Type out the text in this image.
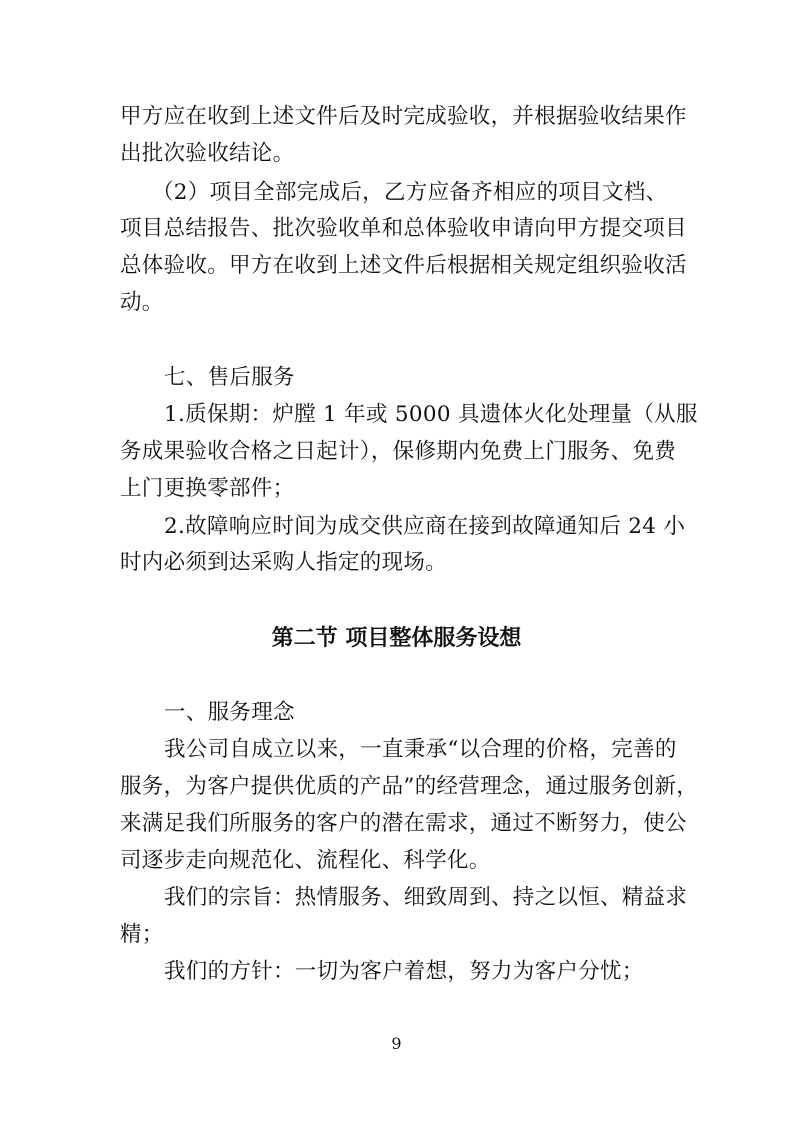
甲方应在收到上述文件后及时完成验收，并根据验收结果作
出批次验收结论。
（2）项目全部完成后，乙方应备齐相应的项目文档、
项目总结报告、批次验收单和总体验收申请向甲方提交项目
总体验收。甲方在收到上述文件后根据相关规定组织验收活
动。
七、售后服务
1.质保期：炉膛 1 年或 5000 具遗体火化处理量（从服
务成果验收合格之日起计），保修期内免费上门服务、免费
上门更换零部件；
2.故障响应时间为成交供应商在接到故障通知后 24 小
时内必须到达采购人指定的现场。
第二节 项目整体服务设想
一、服务理念
我公司自成立以来，一直秉承“以合理的价格，完善的
服务，为客户提供优质的产品”的经营理念，通过服务创新，
来满足我们所服务的客户的潜在需求，通过不断努力，使公
司逐步走向规范化、流程化、科学化。
我们的宗旨：热情服务、细致周到、持之以恒、精益求
精；
我们的方针：一切为客户着想，努力为客户分忧；
9
